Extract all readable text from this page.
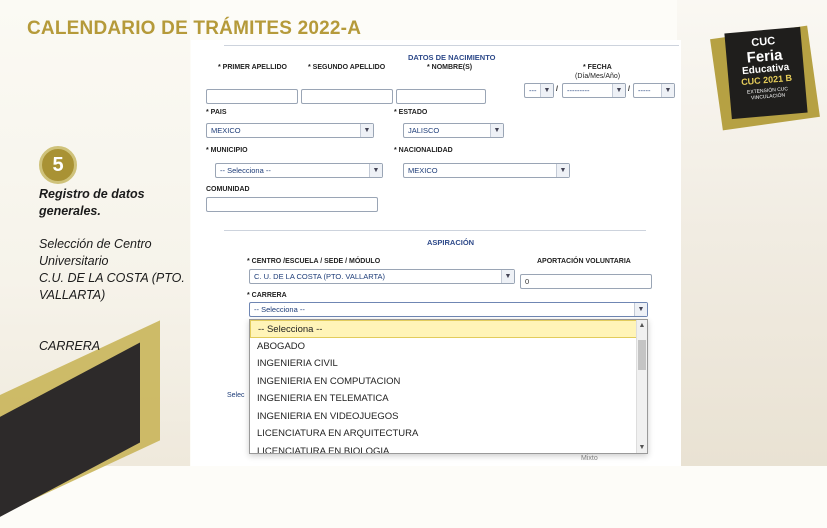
CALENDARIO DE TRÁMITES 2022-A
5
Registro de datos
generales.
Selección de Centro
Universitario
C.U. DE LA COSTA (PTO.
VALLARTA)
CARRERA
CUC
Feria
Educativa
CUC 2021 B
EXTENSIÓN CUC VINCULACIÓN
DATOS DE NACIMIENTO
* PRIMER APELLIDO	* SEGUNDO APELLIDO	* NOMBRE(S)	* FECHA
(Día/Mes/Año)
---	▼ /	---------	▼ /	-----	▼
* PAIS	* ESTADO
MEXICO	▼	JALISCO	▼
* MUNICIPIO	* NACIONALIDAD
-- Selecciona --	▼	MEXICO	▼
COMUNIDAD
ASPIRACIÓN
* CENTRO /ESCUELA / SEDE / MÓDULO	APORTACIÓN VOLUNTARIA
C. U. DE LA COSTA (PTO. VALLARTA)	▼
0
* CARRERA
-- Selecciona --	▼
Selec
Mixto
-- Selecciona --
ABOGADO
INGENIERIA CIVIL
INGENIERIA EN COMPUTACION
INGENIERIA EN TELEMATICA
INGENIERIA EN VIDEOJUEGOS
LICENCIATURA EN ARQUITECTURA
LICENCIATURA EN BIOLOGIA
▲
▼
